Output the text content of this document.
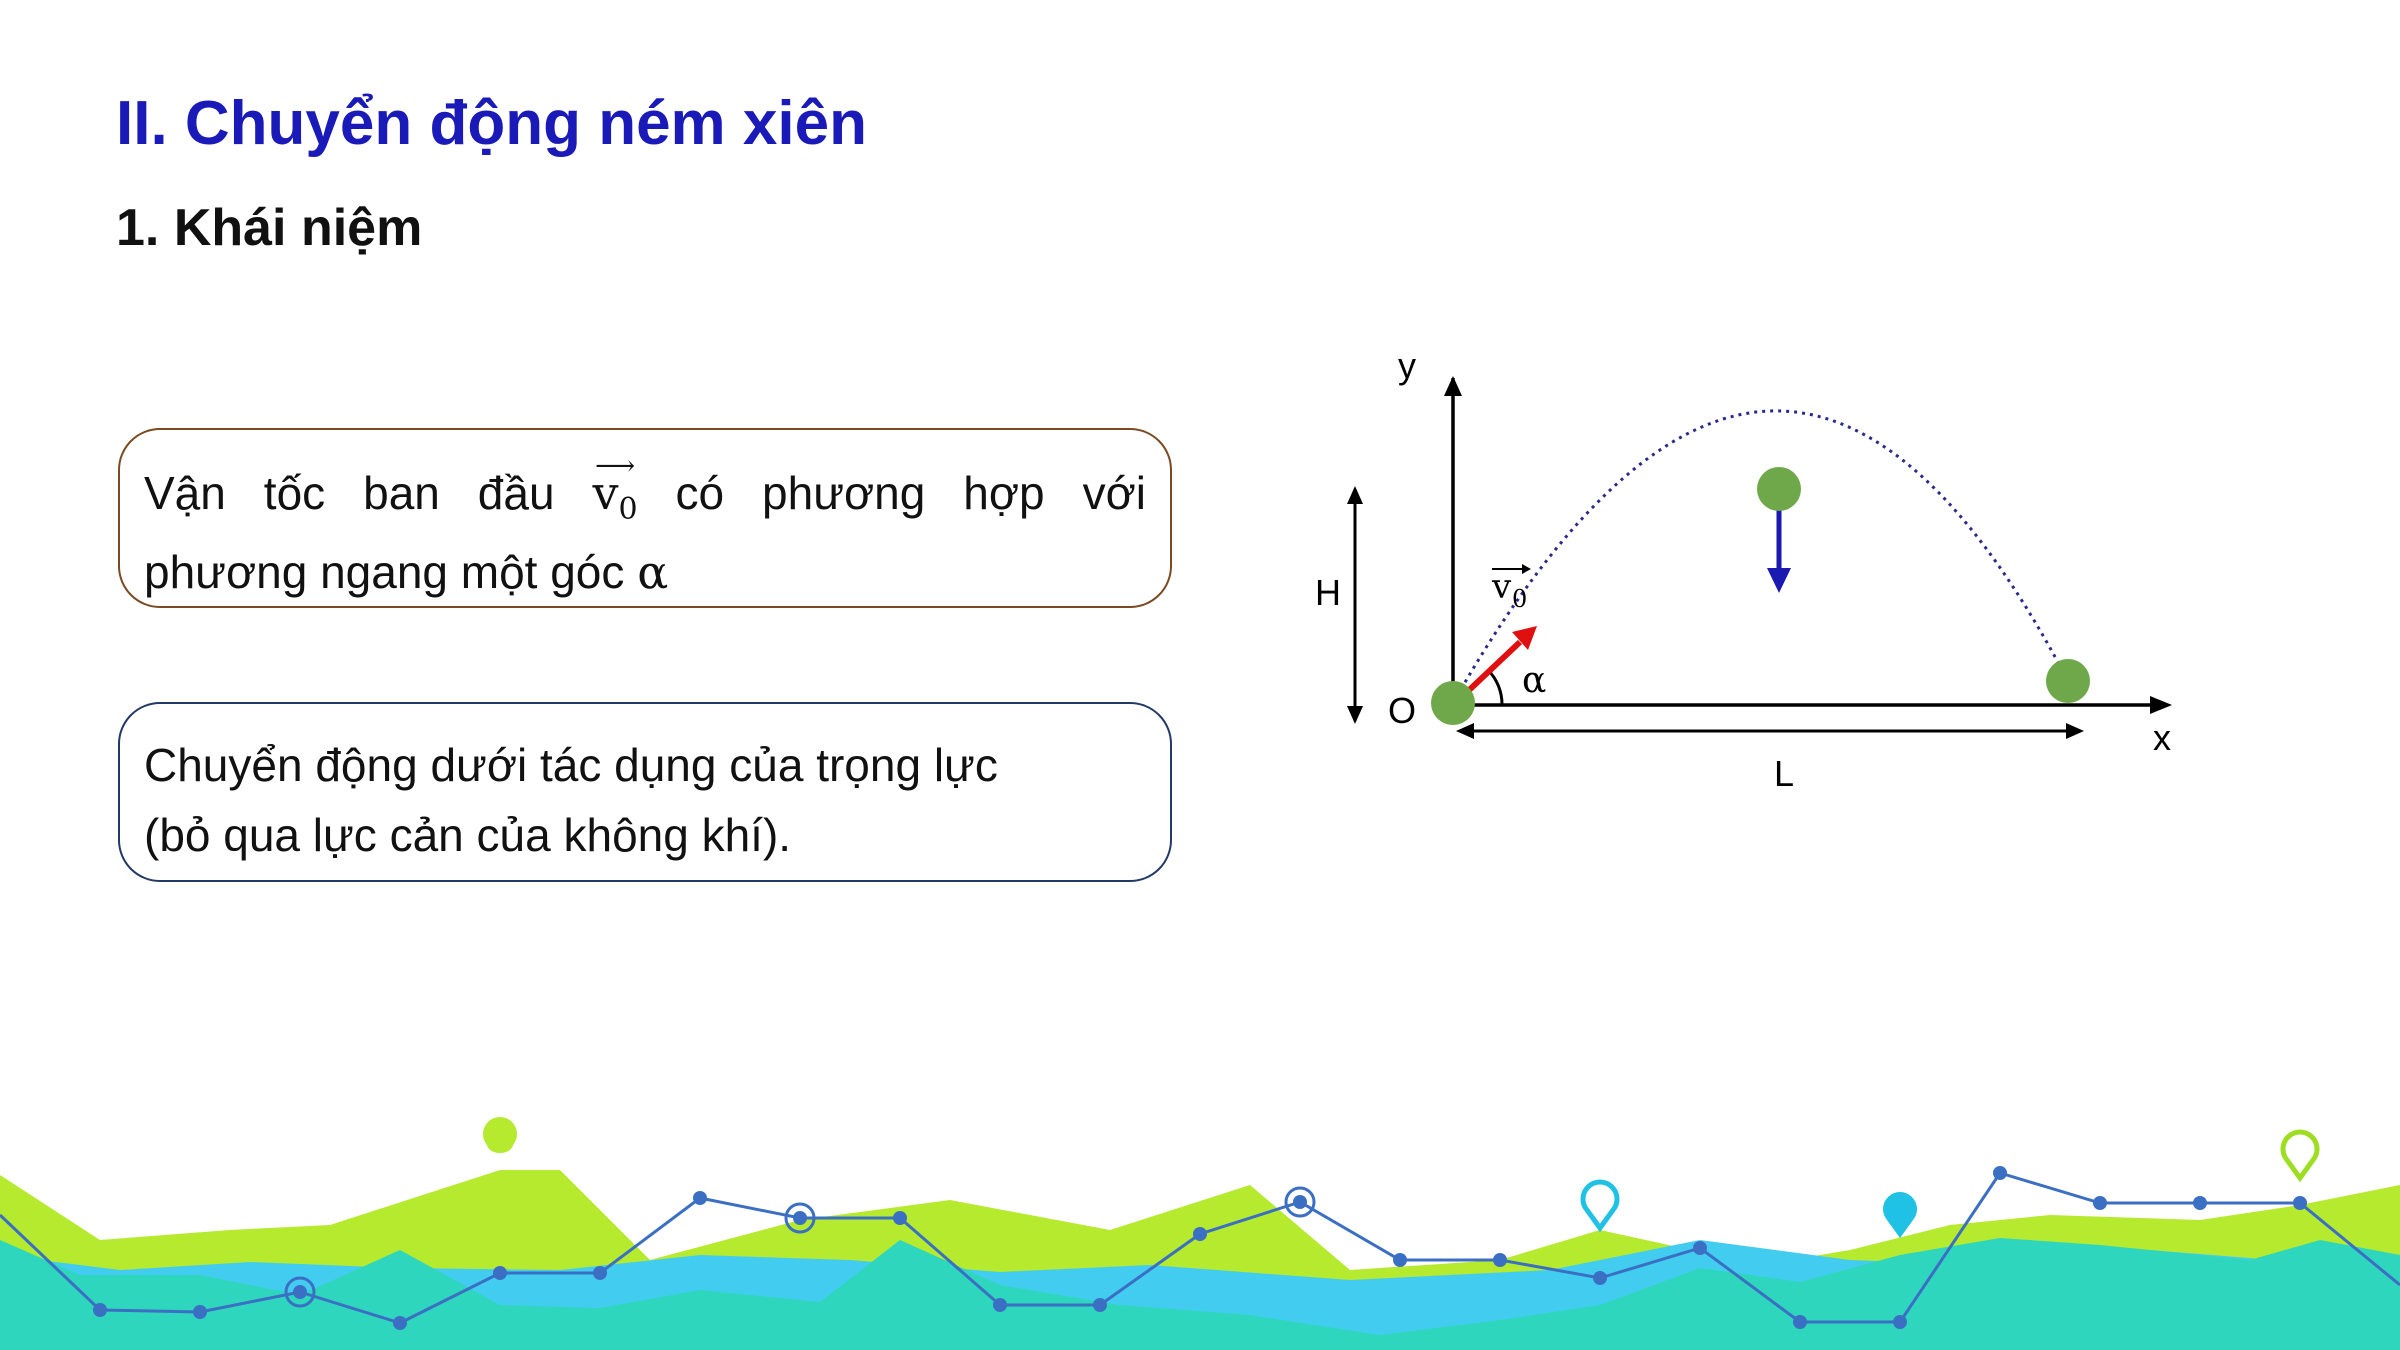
II. Chuyển động ném xiên
1. Khái niệm
Vận tốc ban đầu
⟶
$v_0$ có phương hợp với
phương ngang một góc α
Chuyển động dưới tác dụng của trọng lực
(bỏ qua lực cản của không khí).
y
x
O
H
L
α
v 0
